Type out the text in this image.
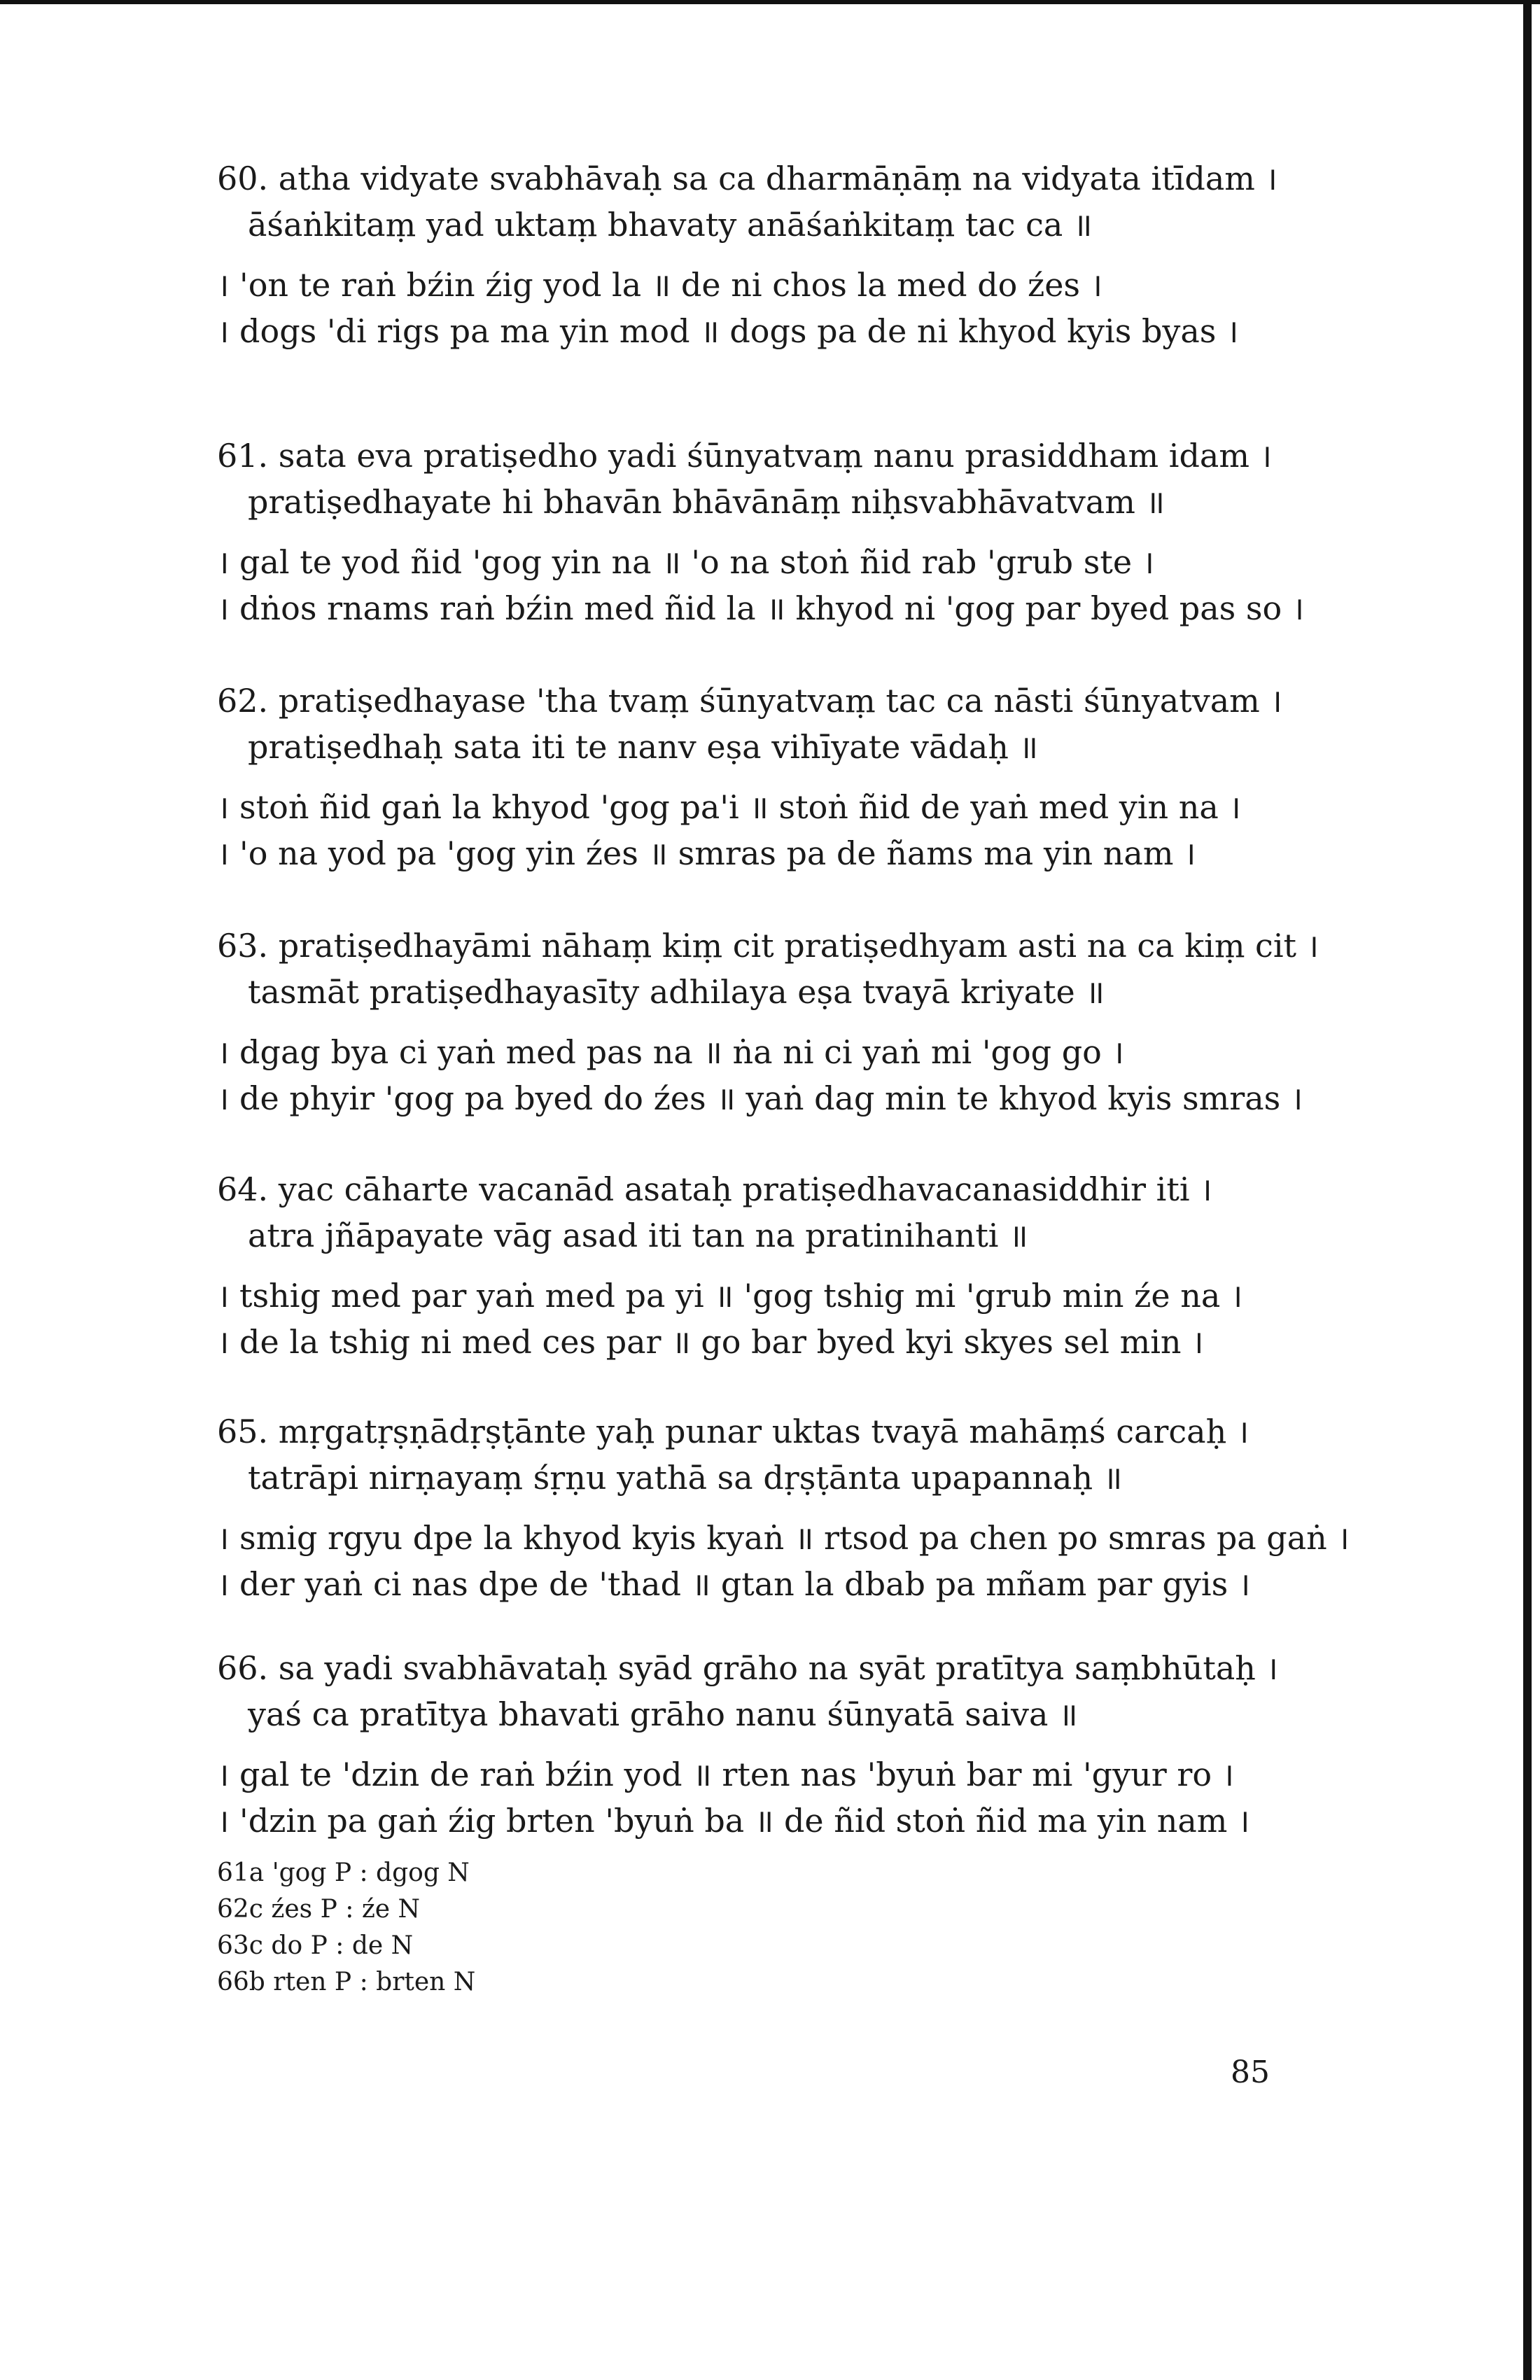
60. atha vidyate svabhāvaḥ sa ca dharmāṇāṃ na vidyata itīdam ।
āśaṅkitaṃ yad uktaṃ bhavaty anāśaṅkitaṃ tac ca ॥
। 'on te raṅ bźin źig yod la ॥ de ni chos la med do źes ।
। dogs 'di rigs pa ma yin mod ॥ dogs pa de ni khyod kyis byas ।
61. sata eva pratiṣedho yadi śūnyatvaṃ nanu prasiddham idam ।
pratiṣedhayate hi bhavān bhāvānāṃ niḥsvabhāvatvam ॥
। gal te yod ñid 'gog yin na ॥ 'o na stoṅ ñid rab 'grub ste ।
। dṅos rnams raṅ bźin med ñid la ॥ khyod ni 'gog par byed pas so ।
62. pratiṣedhayase 'tha tvaṃ śūnyatvaṃ tac ca nāsti śūnyatvam ।
pratiṣedhaḥ sata iti te nanv eṣa vihīyate vādaḥ ॥
। stoṅ ñid gaṅ la khyod 'gog pa'i ॥ stoṅ ñid de yaṅ med yin na ।
। 'o na yod pa 'gog yin źes ॥ smras pa de ñams ma yin nam ।
63. pratiṣedhayāmi nāhaṃ kiṃ cit pratiṣedhyam asti na ca kiṃ cit ।
tasmāt pratiṣedhayasīty adhilaya eṣa tvayā kriyate ॥
। dgag bya ci yaṅ med pas na ॥ ṅa ni ci yaṅ mi 'gog go ।
। de phyir 'gog pa byed do źes ॥ yaṅ dag min te khyod kyis smras ।
64. yac cāharte vacanād asataḥ pratiṣedhavacanasiddhir iti ।
atra jñāpayate vāg asad iti tan na pratinihanti ॥
। tshig med par yaṅ med pa yi ॥ 'gog tshig mi 'grub min źe na ।
। de la tshig ni med ces par ॥ go bar byed kyi skyes sel min ।
65. mṛgatṛṣṇādṛṣṭānte yaḥ punar uktas tvayā mahāṃś carcaḥ ।
tatrāpi nirṇayaṃ śṛṇu yathā sa dṛṣṭānta upapannaḥ ॥
। smig rgyu dpe la khyod kyis kyaṅ ॥ rtsod pa chen po smras pa gaṅ ।
। der yaṅ ci nas dpe de 'thad ॥ gtan la dbab pa mñam par gyis ।
66. sa yadi svabhāvataḥ syād grāho na syāt pratītya saṃbhūtaḥ ।
yaś ca pratītya bhavati grāho nanu śūnyatā saiva ॥
। gal te 'dzin de raṅ bźin yod ॥ rten nas 'byuṅ bar mi 'gyur ro ।
। 'dzin pa gaṅ źig brten 'byuṅ ba ॥ de ñid stoṅ ñid ma yin nam ।
61a 'gog P : dgog N
62c źes P : źe N
63c do P : de N
66b rten P : brten N
85
